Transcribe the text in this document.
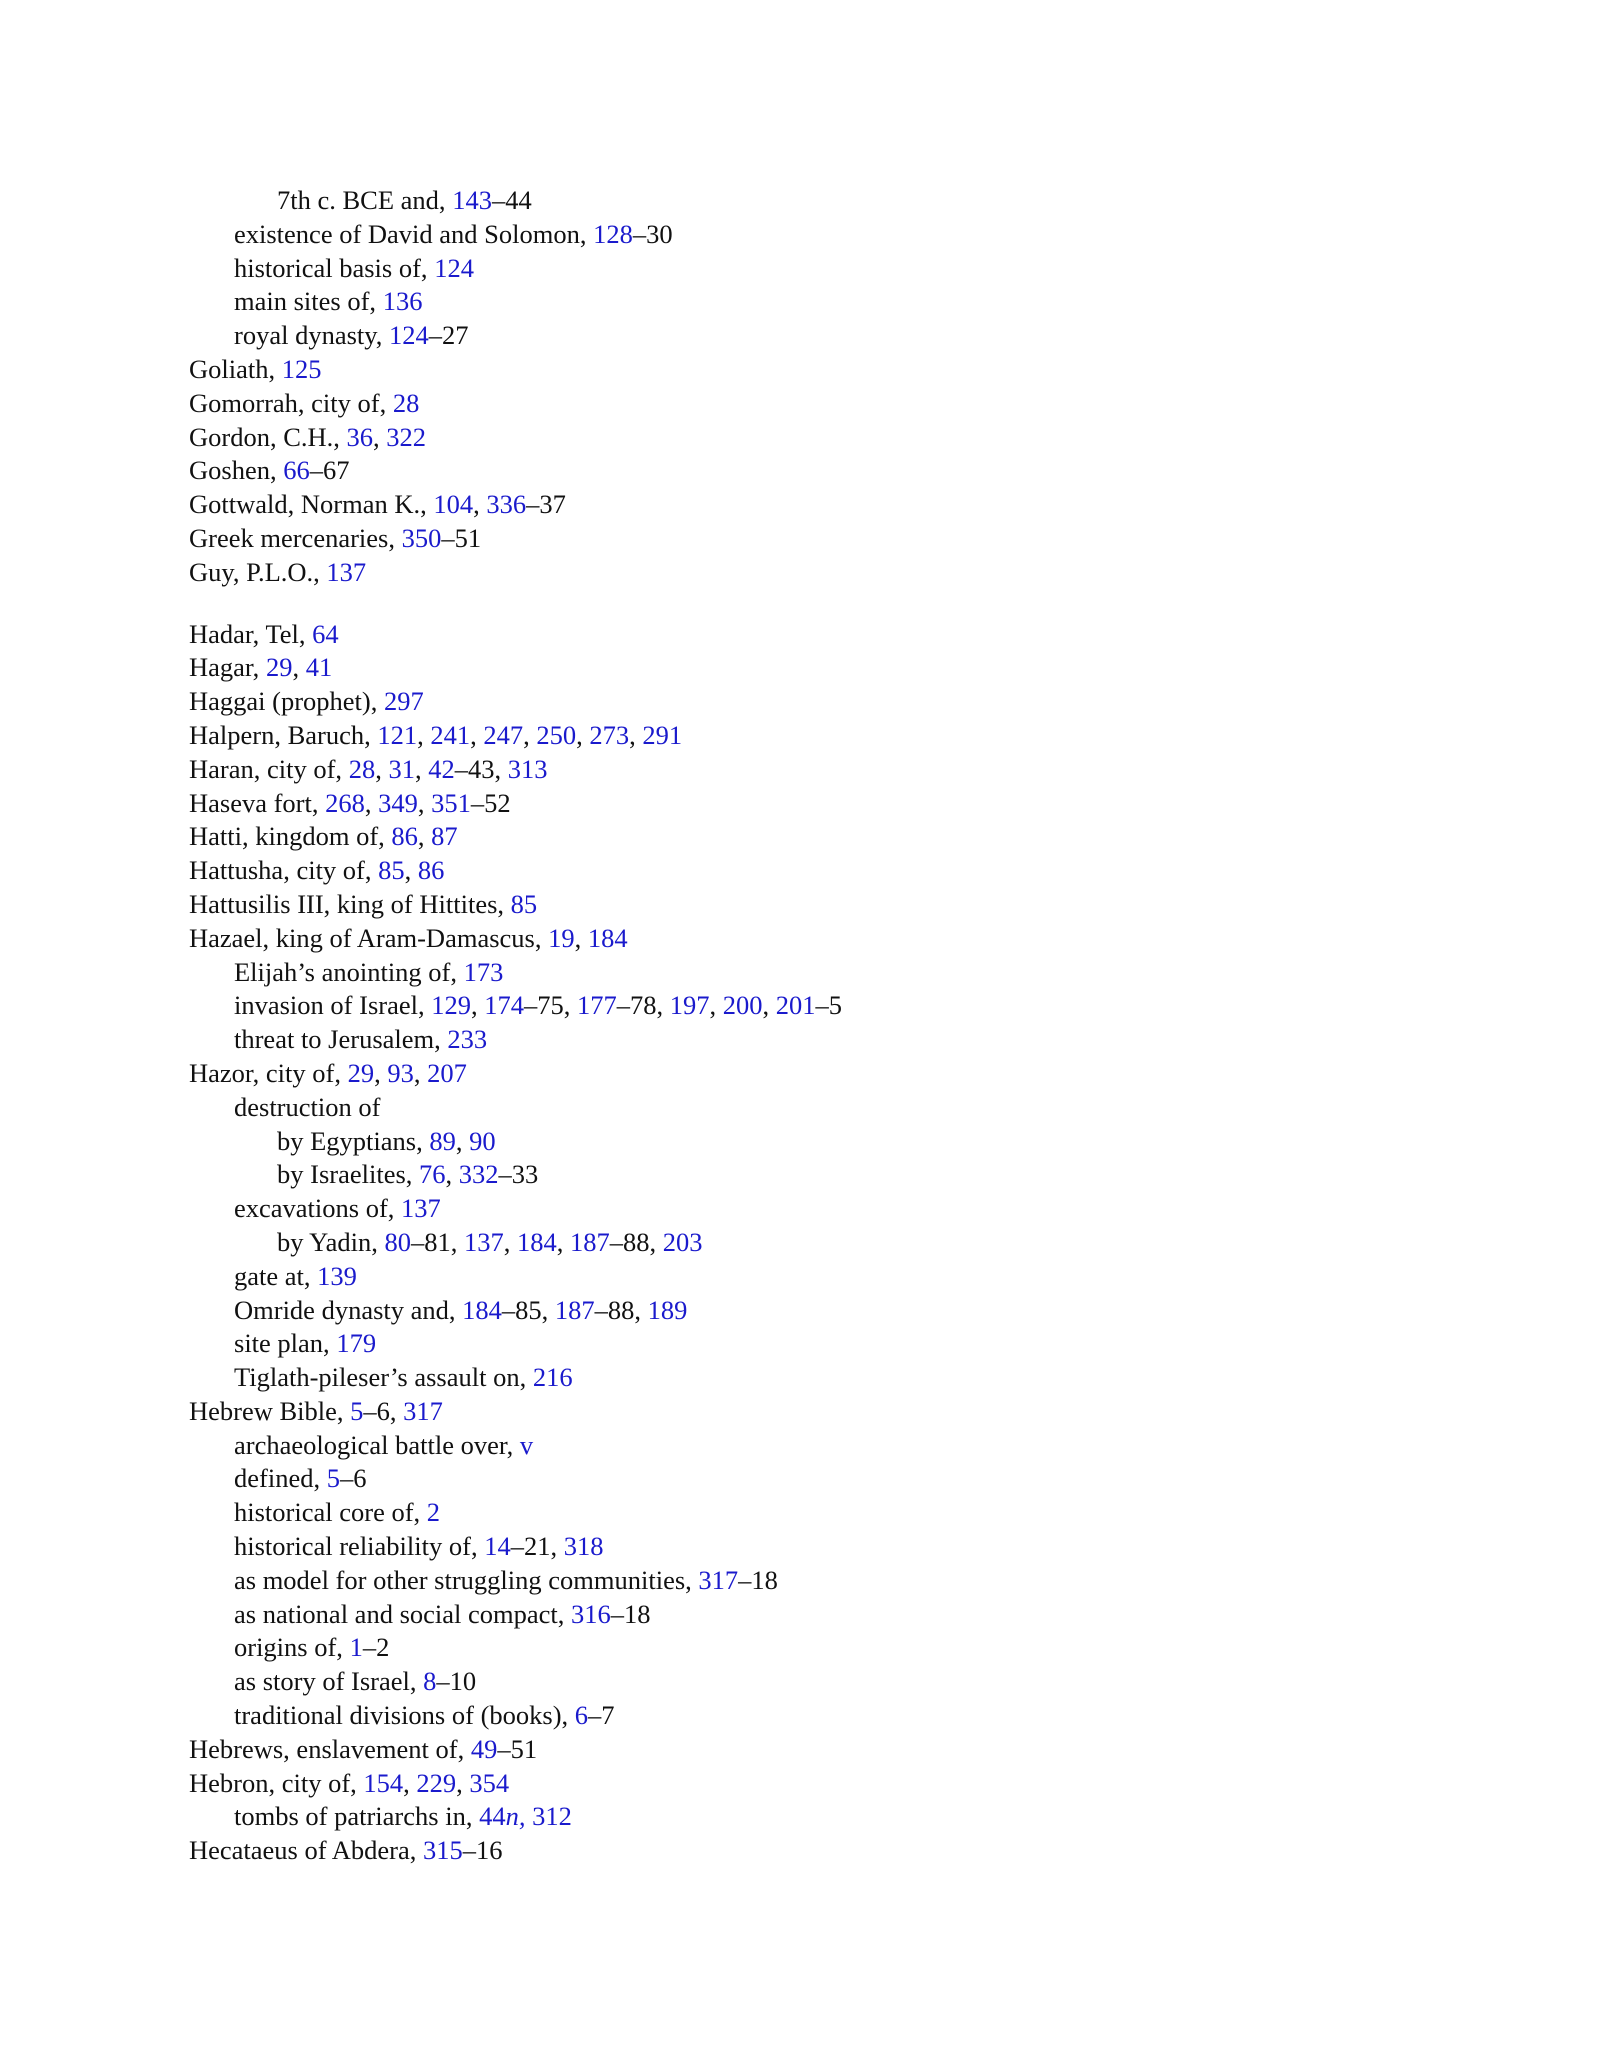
7th c. BCE and, 143–44
existence of David and Solomon, 128–30
historical basis of, 124
main sites of, 136
royal dynasty, 124–27
Goliath, 125
Gomorrah, city of, 28
Gordon, C.H., 36, 322
Goshen, 66–67
Gottwald, Norman K., 104, 336–37
Greek mercenaries, 350–51
Guy, P.L.O., 137
Hadar, Tel, 64
Hagar, 29, 41
Haggai (prophet), 297
Halpern, Baruch, 121, 241, 247, 250, 273, 291
Haran, city of, 28, 31, 42–43, 313
Haseva fort, 268, 349, 351–52
Hatti, kingdom of, 86, 87
Hattusha, city of, 85, 86
Hattusilis III, king of Hittites, 85
Hazael, king of Aram-Damascus, 19, 184
Elijah’s anointing of, 173
invasion of Israel, 129, 174–75, 177–78, 197, 200, 201–5
threat to Jerusalem, 233
Hazor, city of, 29, 93, 207
destruction of
by Egyptians, 89, 90
by Israelites, 76, 332–33
excavations of, 137
by Yadin, 80–81, 137, 184, 187–88, 203
gate at, 139
Omride dynasty and, 184–85, 187–88, 189
site plan, 179
Tiglath-pileser’s assault on, 216
Hebrew Bible, 5–6, 317
archaeological battle over, v
defined, 5–6
historical core of, 2
historical reliability of, 14–21, 318
as model for other struggling communities, 317–18
as national and social compact, 316–18
origins of, 1–2
as story of Israel, 8–10
traditional divisions of (books), 6–7
Hebrews, enslavement of, 49–51
Hebron, city of, 154, 229, 354
tombs of patriarchs in, 44n, 312
Hecataeus of Abdera, 315–16
